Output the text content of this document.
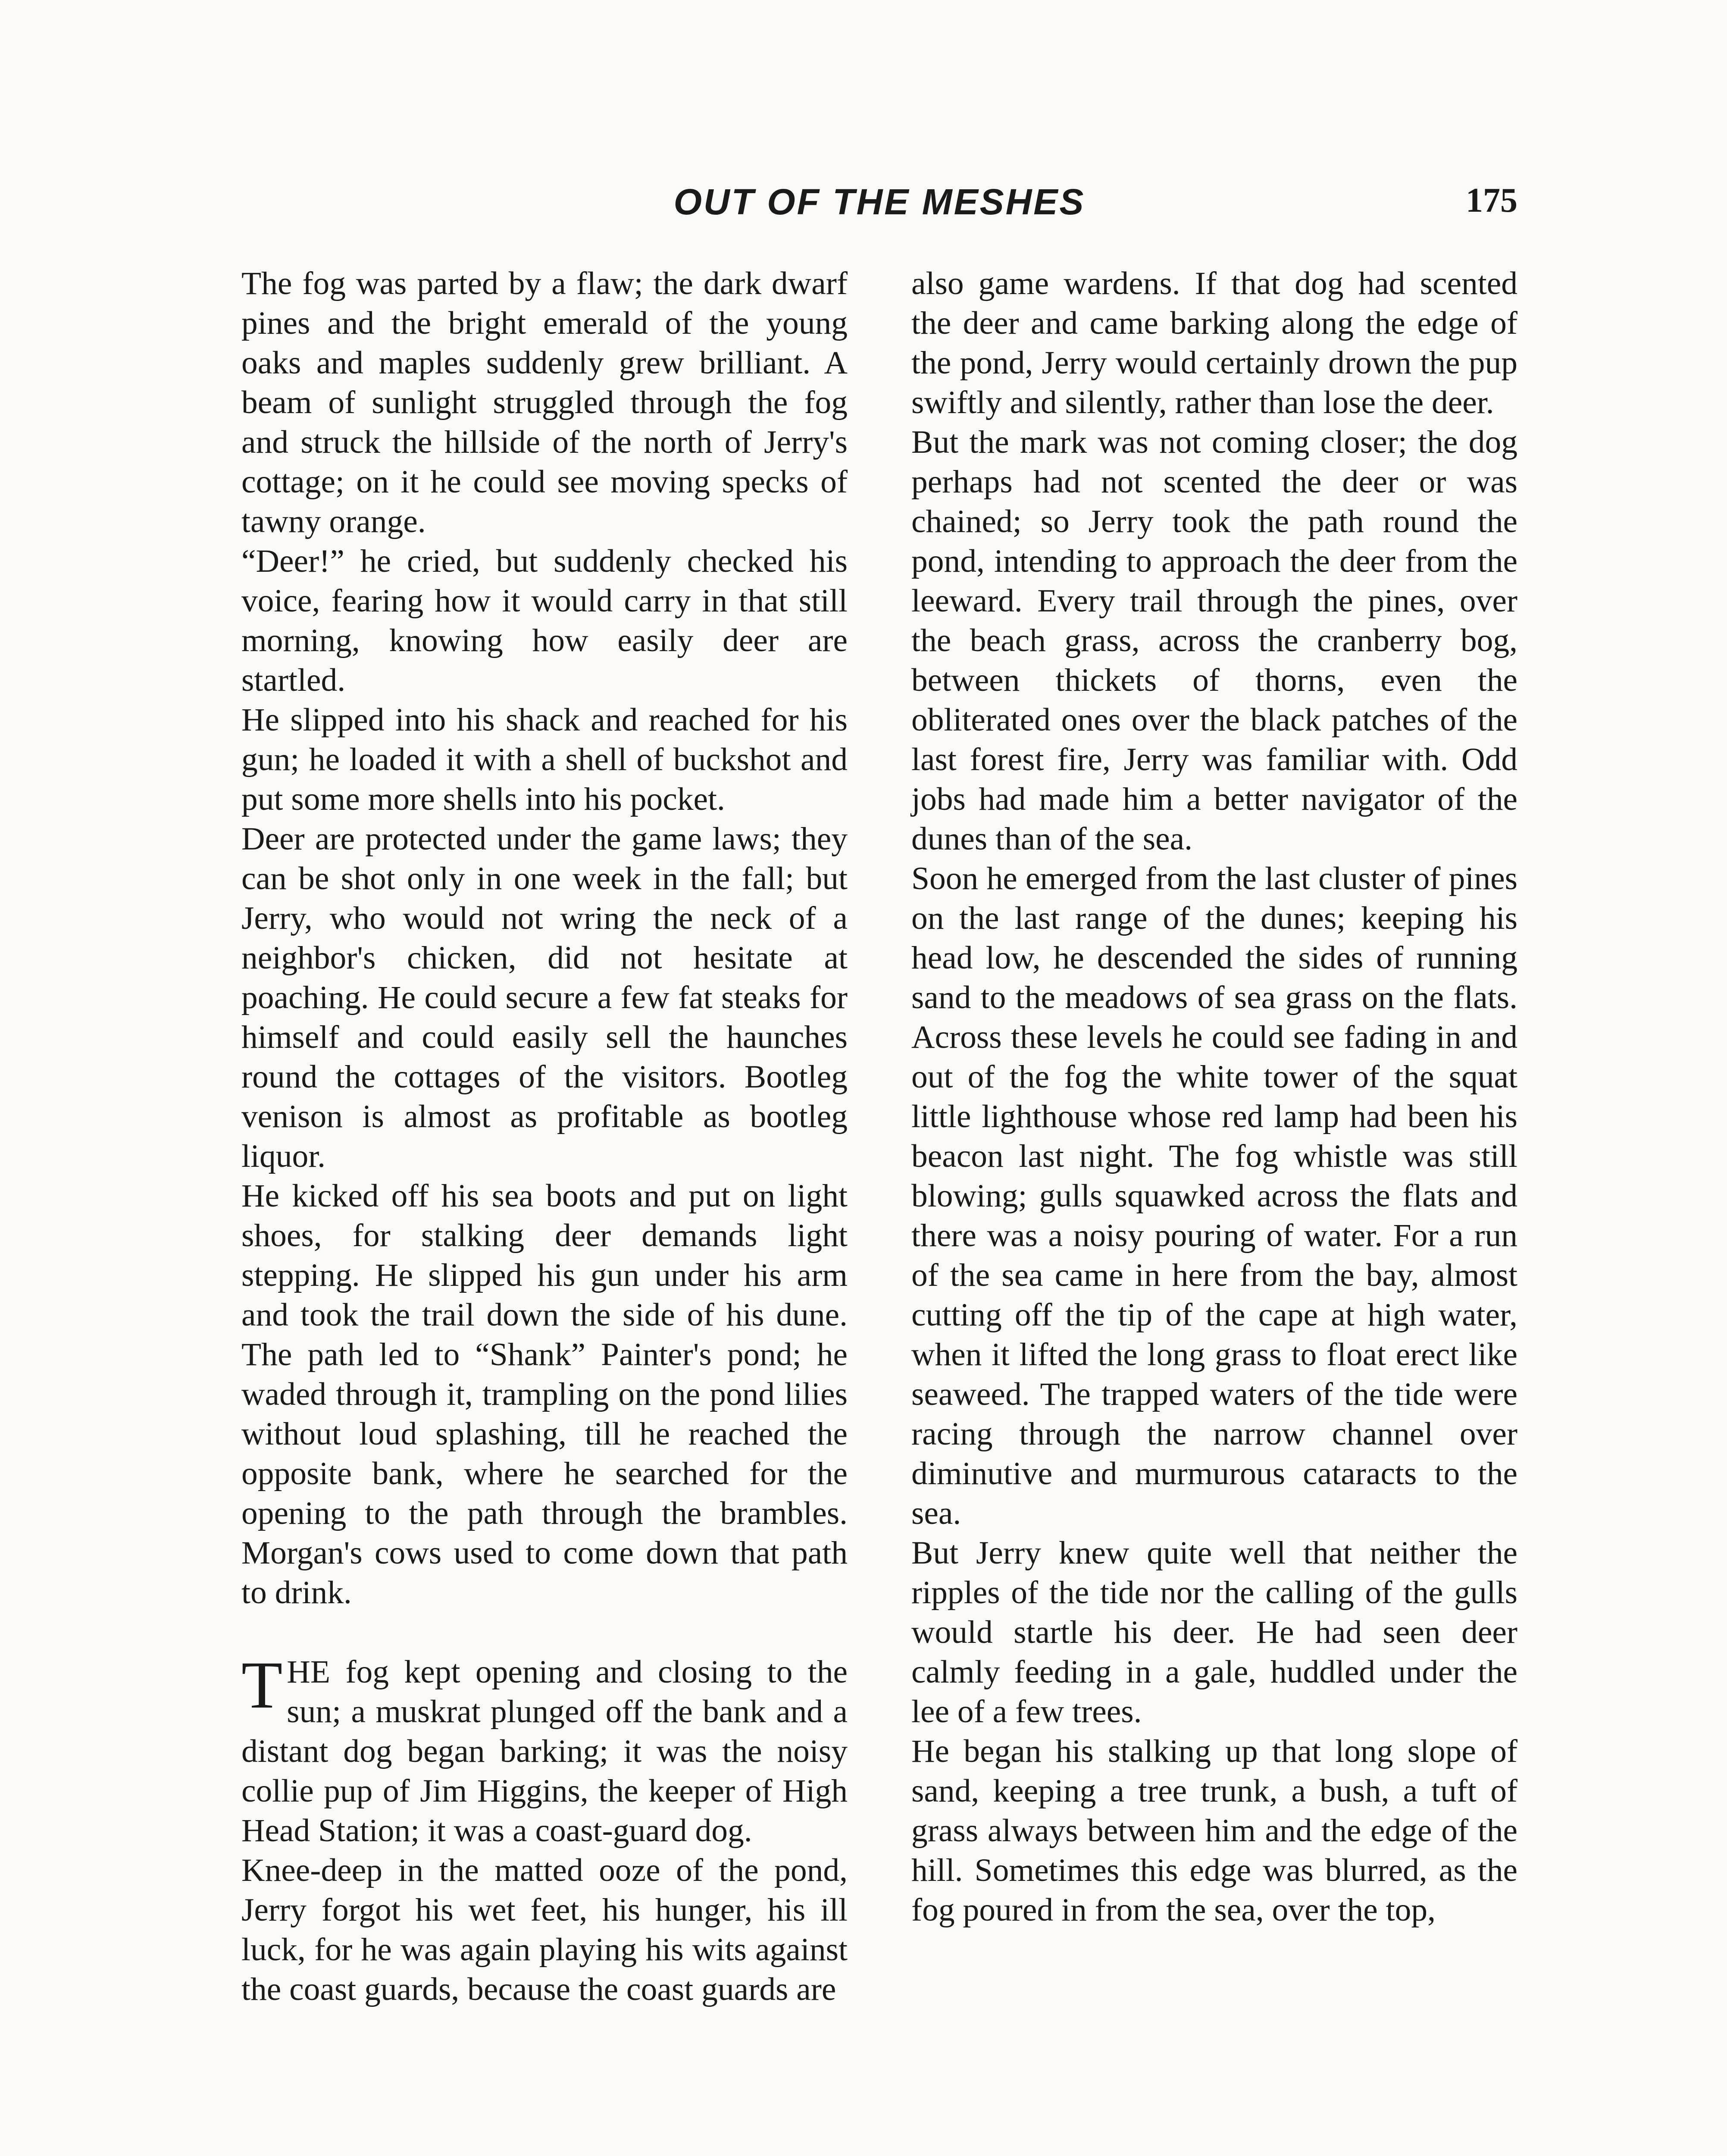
OUT OF THE MESHES	175

The fog was parted by a flaw; the dark dwarf pines and the bright emerald of the young oaks and maples suddenly grew brilliant. A beam of sunlight struggled through the fog and struck the hillside of the north of Jerry's cottage; on it he could see moving specks of tawny orange.

“Deer!” he cried, but suddenly checked his voice, fearing how it would carry in that still morning, knowing how easily deer are startled.

He slipped into his shack and reached for his gun; he loaded it with a shell of buckshot and put some more shells into his pocket.

Deer are protected under the game laws; they can be shot only in one week in the fall; but Jerry, who would not wring the neck of a neighbor's chicken, did not hesitate at poaching. He could secure a few fat steaks for himself and could easily sell the haunches round the cottages of the visitors. Bootleg venison is almost as profitable as bootleg liquor.

He kicked off his sea boots and put on light shoes, for stalking deer demands light stepping. He slipped his gun under his arm and took the trail down the side of his dune. The path led to “Shank” Painter's pond; he waded through it, trampling on the pond lilies without loud splashing, till he reached the opposite bank, where he searched for the opening to the path through the brambles. Morgan's cows used to come down that path to drink.

THE fog kept opening and closing to the sun; a muskrat plunged off the bank and a distant dog began barking; it was the noisy collie pup of Jim Higgins, the keeper of High Head Station; it was a coast-guard dog.

Knee-deep in the matted ooze of the pond, Jerry forgot his wet feet, his hunger, his ill luck, for he was again playing his wits against the coast guards, because the coast guards are

also game wardens. If that dog had scented the deer and came barking along the edge of the pond, Jerry would certainly drown the pup swiftly and silently, rather than lose the deer.

But the mark was not coming closer; the dog perhaps had not scented the deer or was chained; so Jerry took the path round the pond, intending to approach the deer from the leeward. Every trail through the pines, over the beach grass, across the cranberry bog, between thickets of thorns, even the obliterated ones over the black patches of the last forest fire, Jerry was familiar with. Odd jobs had made him a better navigator of the dunes than of the sea.

Soon he emerged from the last cluster of pines on the last range of the dunes; keeping his head low, he descended the sides of running sand to the meadows of sea grass on the flats. Across these levels he could see fading in and out of the fog the white tower of the squat little lighthouse whose red lamp had been his beacon last night. The fog whistle was still blowing; gulls squawked across the flats and there was a noisy pouring of water. For a run of the sea came in here from the bay, almost cutting off the tip of the cape at high water, when it lifted the long grass to float erect like seaweed. The trapped waters of the tide were racing through the narrow channel over diminutive and murmurous cataracts to the sea.

But Jerry knew quite well that neither the ripples of the tide nor the calling of the gulls would startle his deer. He had seen deer calmly feeding in a gale, huddled under the lee of a few trees.

He began his stalking up that long slope of sand, keeping a tree trunk, a bush, a tuft of grass always between him and the edge of the hill. Sometimes this edge was blurred, as the fog poured in from the sea, over the top,
